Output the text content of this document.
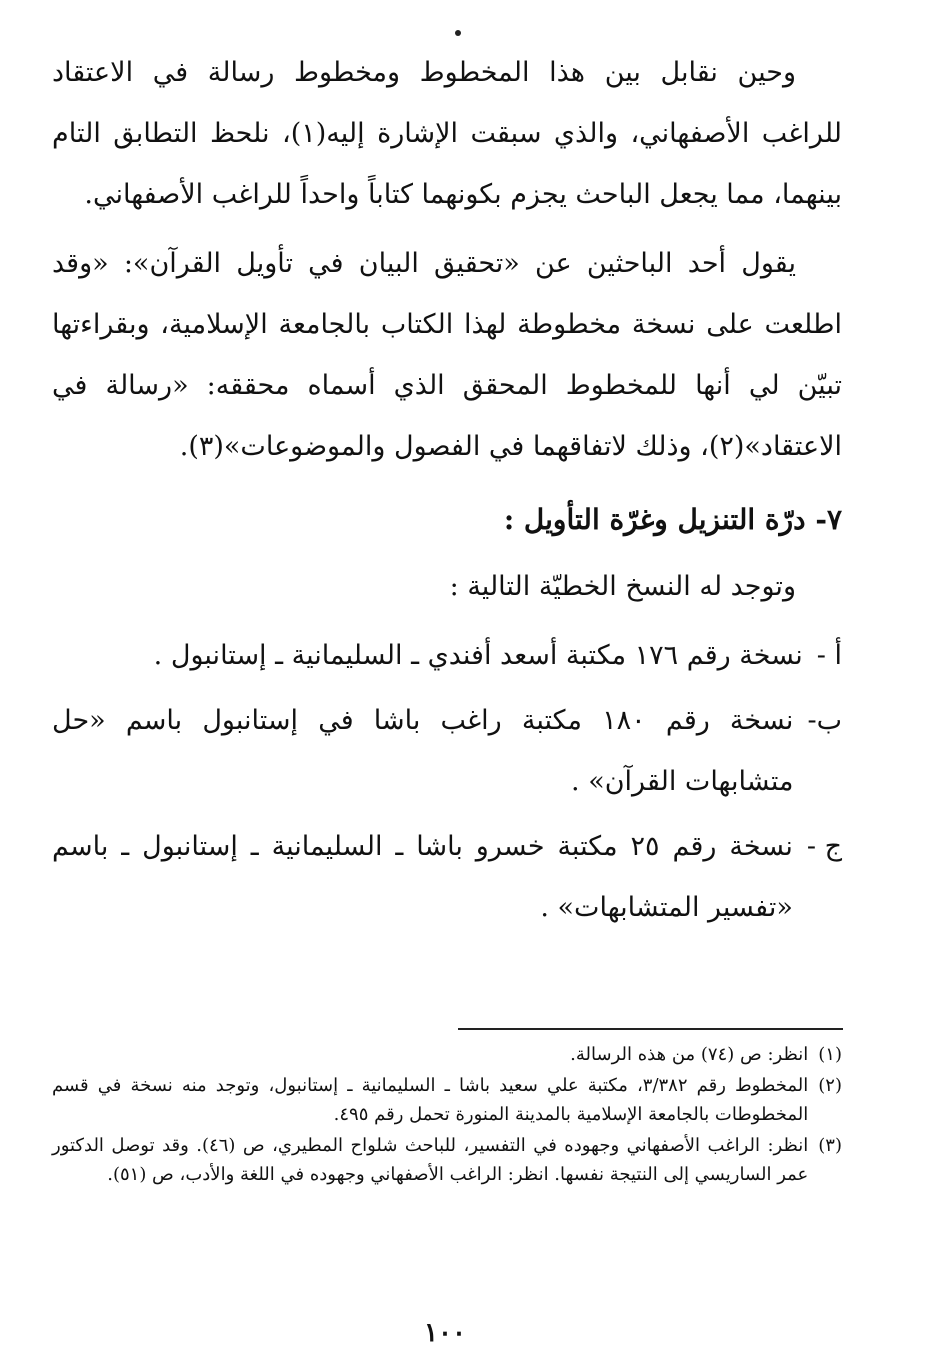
وحين نقابل بين هذا المخطوط ومخطوط رسالة في الاعتقاد للراغب الأصفهاني، والذي سبقت الإشارة إليه(١)، نلحظ التطابق التام بينهما، مما يجعل الباحث يجزم بكونهما كتاباً واحداً للراغب الأصفهاني.

يقول أحد الباحثين عن «تحقيق البيان في تأويل القرآن»: «وقد اطلعت على نسخة مخطوطة لهذا الكتاب بالجامعة الإسلامية، وبقراءتها تبيّن لي أنها للمخطوط المحقق الذي أسماه محققه: «رسالة في الاعتقاد»(٢)، وذلك لاتفاقهما في الفصول والموضوعات»(٣).

٧- درّة التنزيل وغرّة التأويل :

وتوجد له النسخ الخطيّة التالية :

أ -
نسخة رقم ١٧٦ مكتبة أسعد أفندي ـ السليمانية ـ إستانبول .
ب-
نسخة رقم ١٨٠ مكتبة راغب باشا في إستانبول باسم «حل متشابهات القرآن» .
ج -
نسخة رقم ٢٥ مكتبة خسرو باشا ـ السليمانية ـ إستانبول ـ باسم «تفسير المتشابهات» .
(١)
انظر: ص (٧٤) من هذه الرسالة.
(٢)
المخطوط رقم ٣/٣٨٢، مكتبة علي سعيد باشا ـ السليمانية ـ إستانبول، وتوجد منه نسخة في قسم المخطوطات بالجامعة الإسلامية بالمدينة المنورة تحمل رقم ٤٩٥.
(٣)
انظر: الراغب الأصفهاني وجهوده في التفسير، للباحث شلواح المطيري، ص (٤٦). وقد توصل الدكتور عمر الساريسي إلى النتيجة نفسها. انظر: الراغب الأصفهاني وجهوده في اللغة والأدب، ص (٥١).
١٠٠
